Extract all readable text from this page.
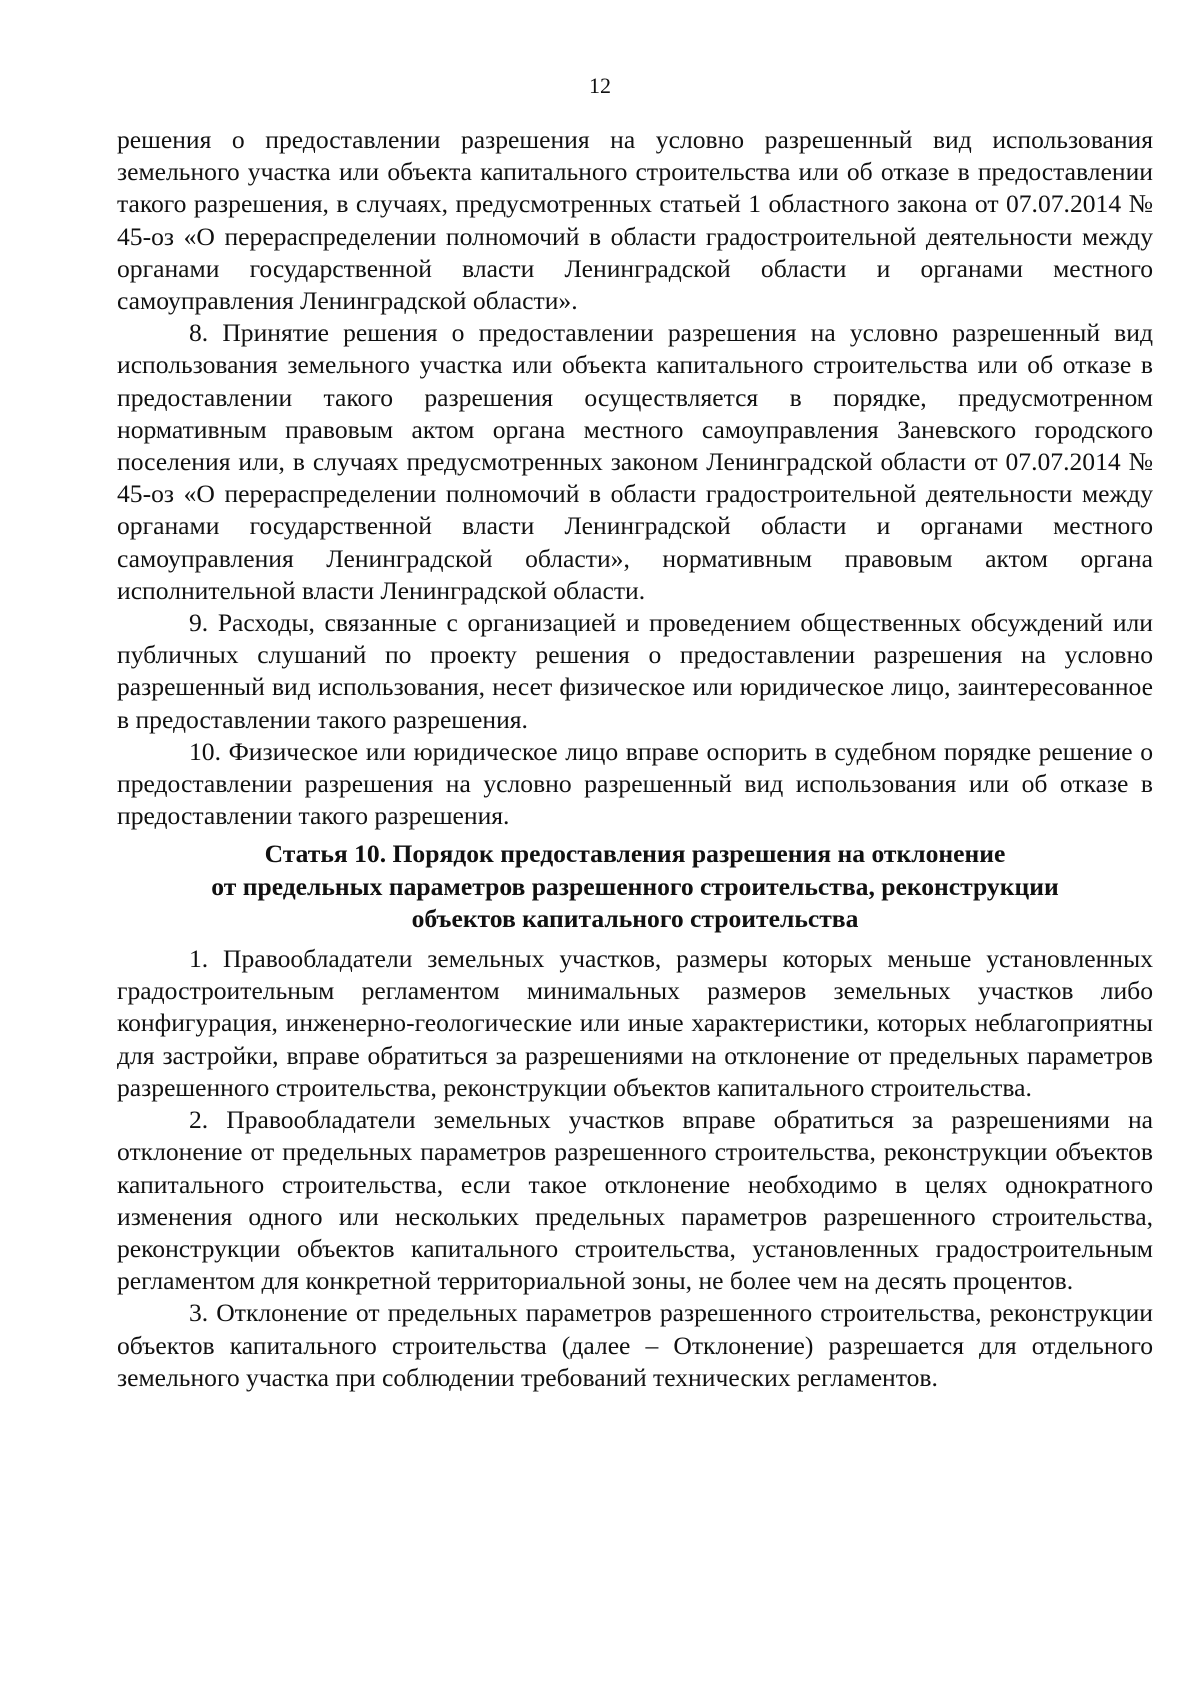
12

решения о предоставлении разрешения на условно разрешенный вид использования земельного участка или объекта капитального строительства или об отказе в предоставлении такого разрешения, в случаях, предусмотренных статьей 1 областного закона от 07.07.2014 № 45-оз «О перераспределении полномочий в области градостроительной деятельности между органами государственной власти Ленинградской области и органами местного самоуправления Ленинградской области».

8. Принятие решения о предоставлении разрешения на условно разрешенный вид использования земельного участка или объекта капитального строительства или об отказе в предоставлении такого разрешения осуществляется в порядке, предусмотренном нормативным правовым актом органа местного самоуправления Заневского городского поселения или, в случаях предусмотренных законом Ленинградской области от 07.07.2014 № 45-оз «О перераспределении полномочий в области градостроительной деятельности между органами государственной власти Ленинградской области и органами местного самоуправления Ленинградской области», нормативным правовым актом органа исполнительной власти Ленинградской области.

9. Расходы, связанные с организацией и проведением общественных обсуждений или публичных слушаний по проекту решения о предоставлении разрешения на условно разрешенный вид использования, несет физическое или юридическое лицо, заинтересованное в предоставлении такого разрешения.

10. Физическое или юридическое лицо вправе оспорить в судебном порядке решение о предоставлении разрешения на условно разрешенный вид использования или об отказе в предоставлении такого разрешения.

Статья 10. Порядок предоставления разрешения на отклонение
от предельных параметров разрешенного строительства, реконструкции
объектов капитального строительства

1. Правообладатели земельных участков, размеры которых меньше установленных градостроительным регламентом минимальных размеров земельных участков либо конфигурация, инженерно-геологические или иные характеристики, которых неблагоприятны для застройки, вправе обратиться за разрешениями на отклонение от предельных параметров разрешенного строительства, реконструкции объектов капитального строительства.

2. Правообладатели земельных участков вправе обратиться за разрешениями на отклонение от предельных параметров разрешенного строительства, реконструкции объектов капитального строительства, если такое отклонение необходимо в целях однократного изменения одного или нескольких предельных параметров разрешенного строительства, реконструкции объектов капитального строительства, установленных градостроительным регламентом для конкретной территориальной зоны, не более чем на десять процентов.

3. Отклонение от предельных параметров разрешенного строительства, реконструкции объектов капитального строительства (далее – Отклонение) разрешается для отдельного земельного участка при соблюдении требований технических регламентов.
